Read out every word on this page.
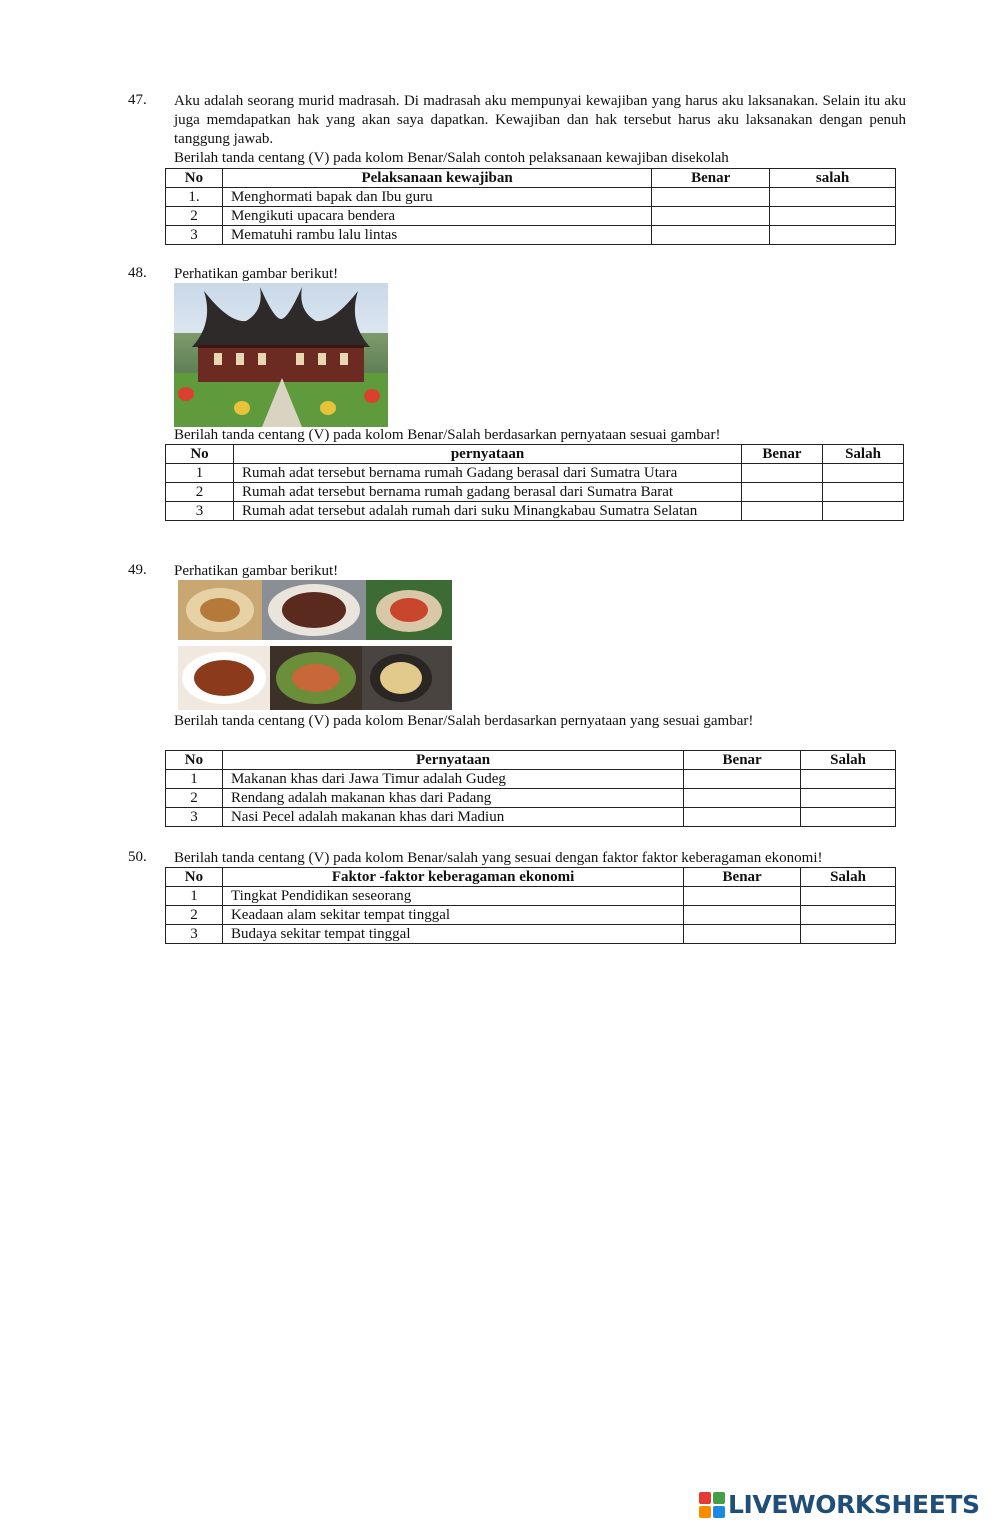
47. Aku adalah seorang murid madrasah. Di madrasah aku mempunyai kewajiban yang harus aku laksanakan. Selain itu aku juga memdapatkan hak yang akan saya dapatkan. Kewajiban dan hak tersebut harus aku laksanakan dengan penuh tanggung jawab.

Berilah tanda centang (V) pada kolom Benar/Salah contoh pelaksanaan kewajiban disekolah

No	Pelaksanaan kewajiban	Benar	salah
1.	Menghormati bapak dan Ibu guru		
2	Mengikuti upacara bendera		
3	Mematuhi rambu lalu lintas		
48. Perhatikan gambar berikut!

Berilah tanda centang (V) pada kolom Benar/Salah berdasarkan pernyataan sesuai gambar!

No	pernyataan	Benar	Salah
1	Rumah adat tersebut bernama rumah Gadang berasal dari Sumatra Utara		
2	Rumah adat tersebut bernama rumah gadang berasal dari Sumatra Barat		
3	Rumah adat tersebut adalah rumah dari suku Minangkabau Sumatra Selatan		
49. Perhatikan gambar berikut!

Berilah tanda centang (V) pada kolom Benar/Salah berdasarkan pernyataan yang sesuai gambar!

No	Pernyataan	Benar	Salah
1	Makanan khas dari Jawa Timur adalah Gudeg		
2	Rendang adalah makanan khas dari Padang		
3	Nasi Pecel adalah makanan khas dari Madiun		
50. Berilah tanda centang (V) pada kolom Benar/salah yang sesuai dengan faktor faktor keberagaman ekonomi!

No	Faktor -faktor keberagaman ekonomi	Benar	Salah
1	Tingkat Pendidikan seseorang		
2	Keadaan alam sekitar tempat tinggal		
3	Budaya sekitar tempat tinggal		
LIVEWORKSHEETS
